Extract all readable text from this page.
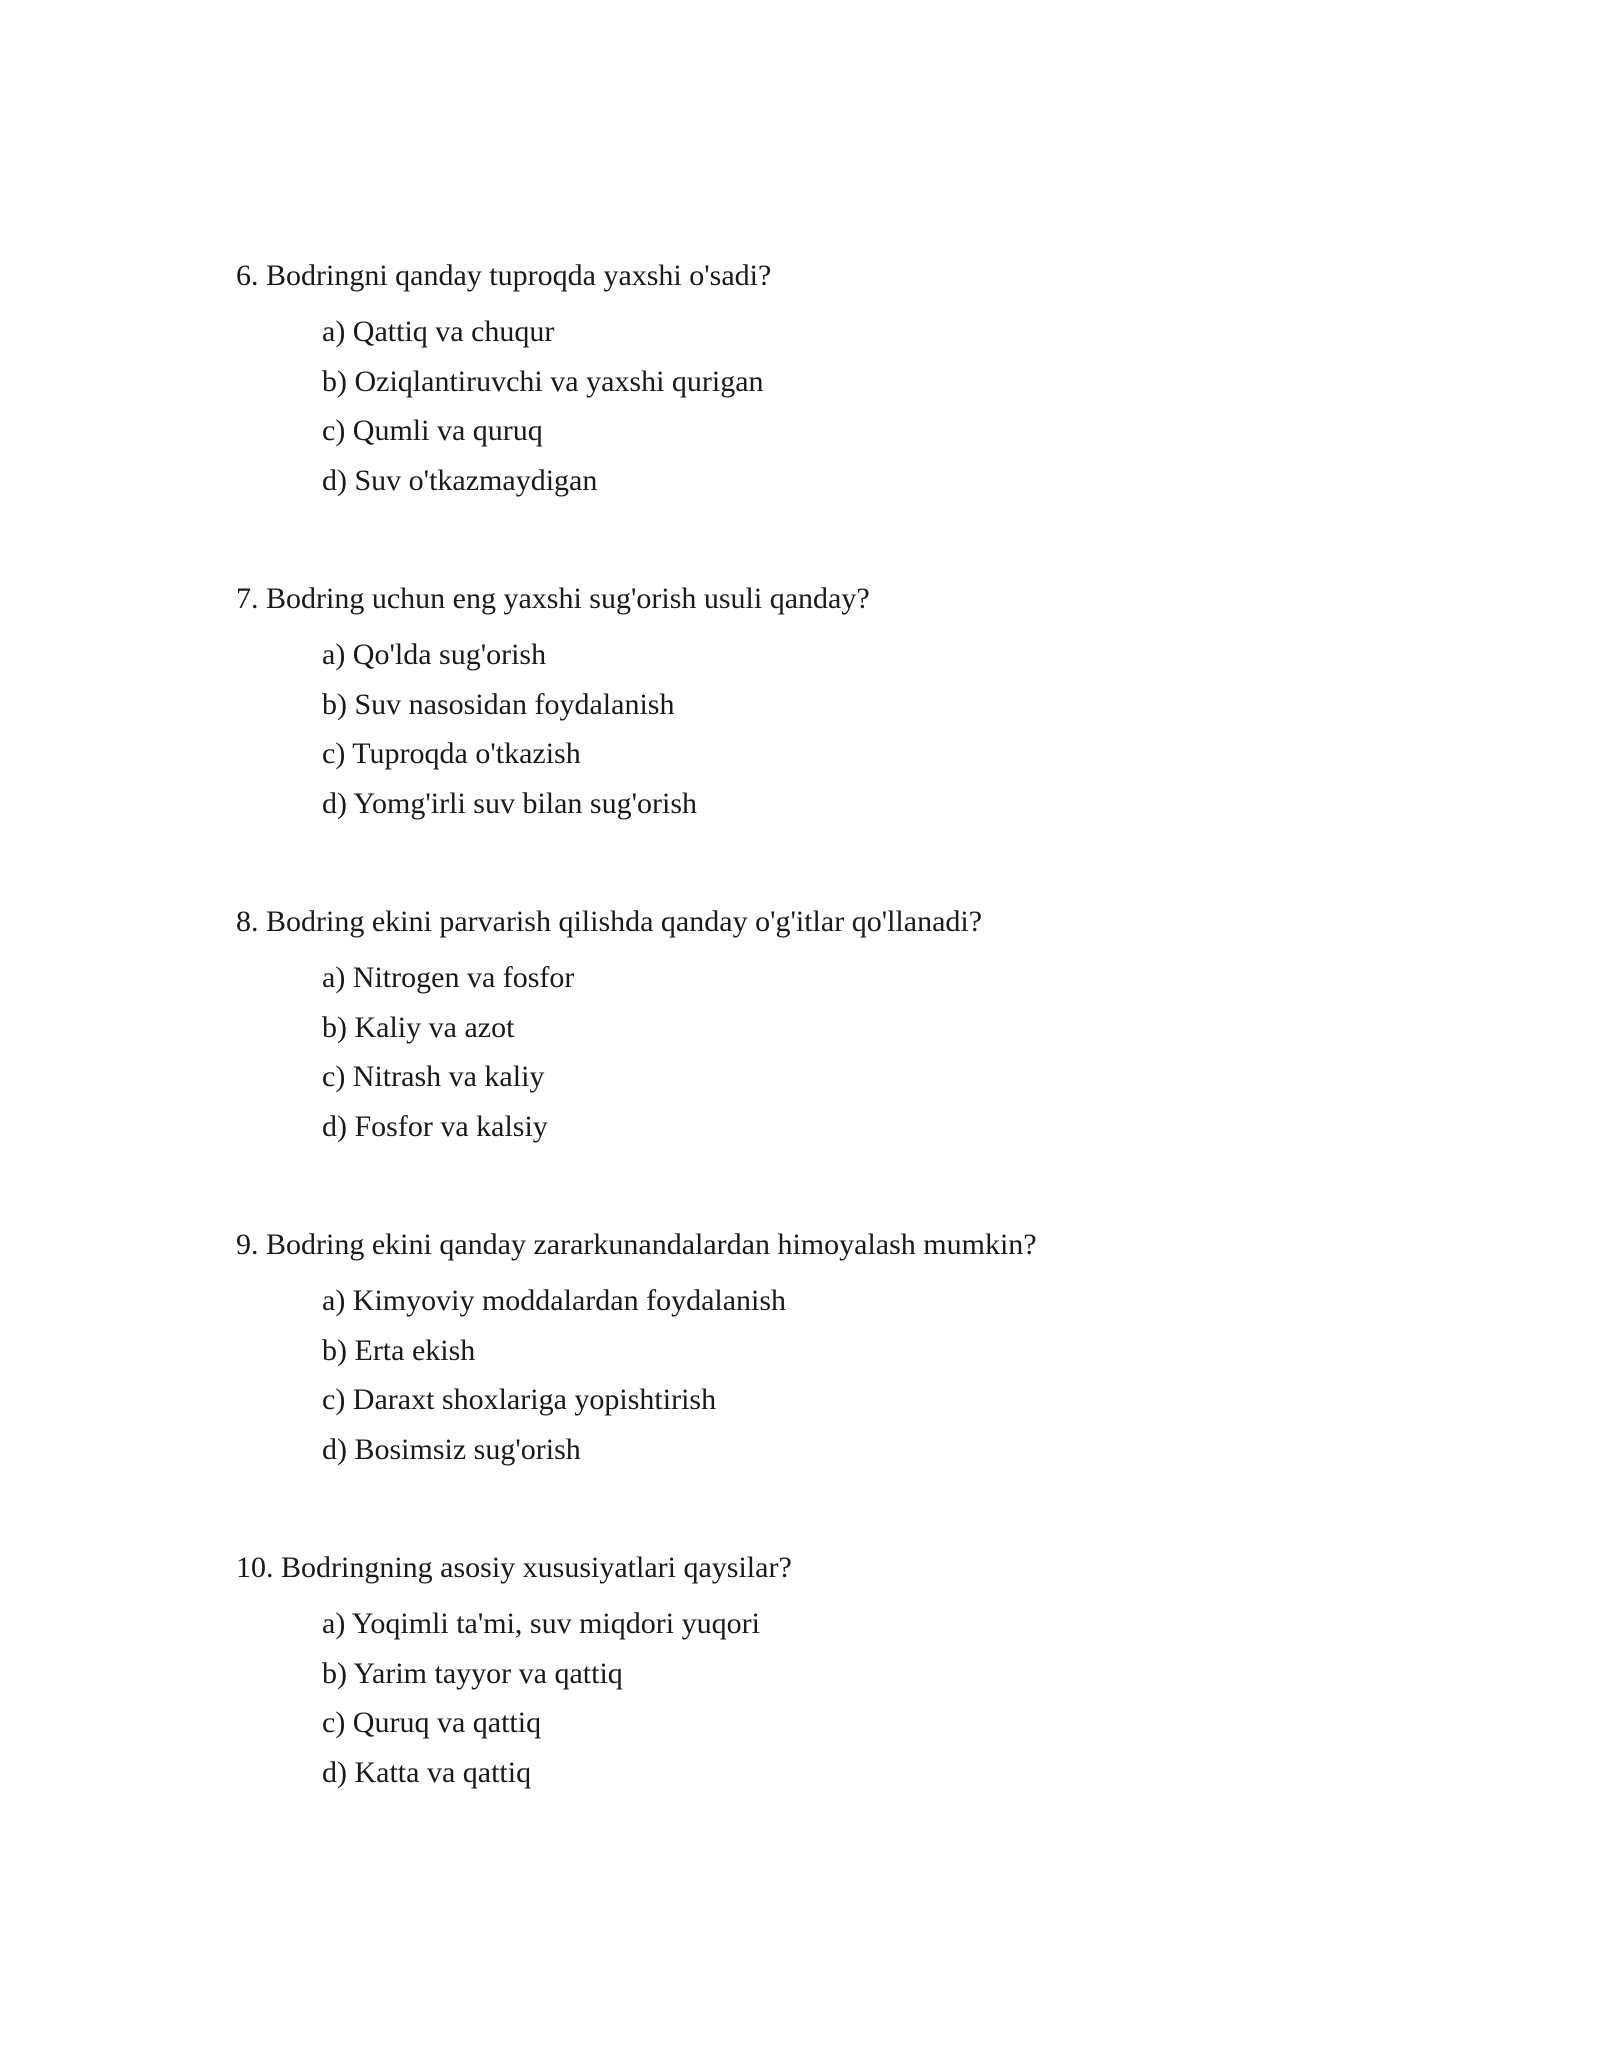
6. Bodringni qanday tuproqda yaxshi o'sadi?

a) Qattiq va chuqur
b) Oziqlantiruvchi va yaxshi qurigan
c) Qumli va quruq
d) Suv o'tkazmaydigan

7. Bodring uchun eng yaxshi sug'orish usuli qanday?

a) Qo'lda sug'orish
b) Suv nasosidan foydalanish
c) Tuproqda o'tkazish
d) Yomg'irli suv bilan sug'orish

8. Bodring ekini parvarish qilishda qanday o'g'itlar qo'llanadi?

a) Nitrogen va fosfor
b) Kaliy va azot
c) Nitrash va kaliy
d) Fosfor va kalsiy

9. Bodring ekini qanday zararkunandalardan himoyalash mumkin?

a) Kimyoviy moddalardan foydalanish
b) Erta ekish
c) Daraxt shoxlariga yopishtirish
d) Bosimsiz sug'orish

10. Bodringning asosiy xususiyatlari qaysilar?

a) Yoqimli ta'mi, suv miqdori yuqori
b) Yarim tayyor va qattiq
c) Quruq va qattiq
d) Katta va qattiq
